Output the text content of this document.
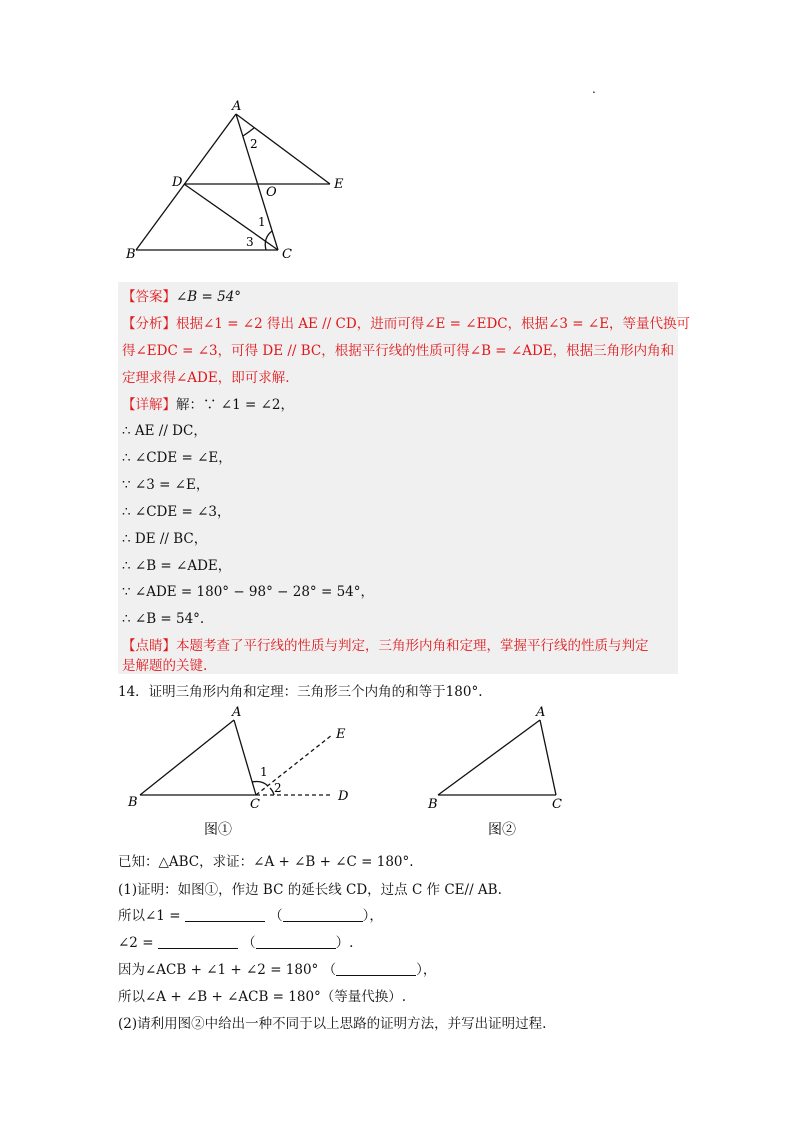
.
A
D
O
E
B	C
1
2
3
【答案】∠B = 54°
【分析】根据∠1 = ∠2 得出 AE // CD，进而可得∠E = ∠EDC，根据∠3 = ∠E，等量代换可
得∠EDC = ∠3，可得 DE // BC，根据平行线的性质可得∠B = ∠ADE，根据三角形内角和
定理求得∠ADE，即可求解.
【详解】解：∵ ∠1 = ∠2，
∴ AE // DC，
∴ ∠CDE = ∠E，
∵ ∠3 = ∠E，
∴ ∠CDE = ∠3，
∴ DE // BC，
∴ ∠B = ∠ADE，
∵ ∠ADE = 180° − 98° − 28° = 54°，
∴ ∠B = 54°.
【点睛】本题考查了平行线的性质与判定，三角形内角和定理，掌握平行线的性质与判定
是解题的关键.
14．证明三角形内角和定理：三角形三个内角的和等于180°.
A
B	C
D
E
1
2
图①
A
B	C
图②
已知：△ABC，求证：∠A + ∠B + ∠C = 180°.
(1)证明：如图①，作边 BC 的延长线 CD，过点 C 作 CE// AB.
所以∠1 =	（	），
∠2 =	（	）.
因为∠ACB + ∠1 + ∠2 = 180° （	），
所以∠A + ∠B + ∠ACB = 180°（等量代换）.
(2)请利用图②中给出一种不同于以上思路的证明方法，并写出证明过程.
